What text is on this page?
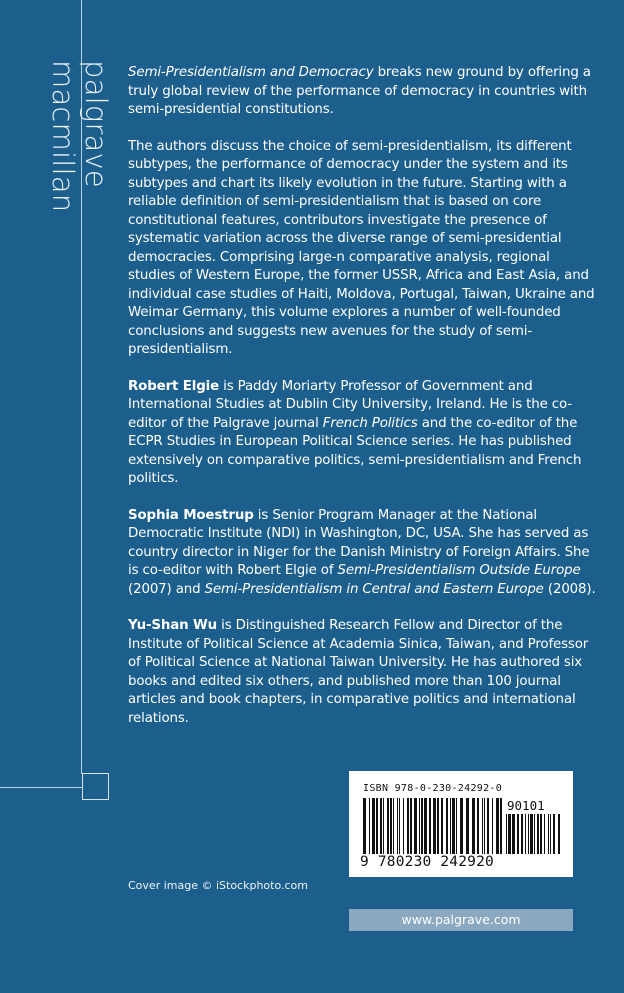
palgrave
macmillan	Semi-Presidentialism and Democracy breaks new ground by offering a truly global review of the performance of democracy in countries with semi-presidential constitutions.

The authors discuss the choice of semi-presidentialism, its different subtypes, the performance of democracy under the system and its subtypes and chart its likely evolution in the future. Starting with a reliable definition of semi-presidentialism that is based on core constitutional features, contributors investigate the presence of systematic variation across the diverse range of semi-presidential democracies. Comprising large-n comparative analysis, regional studies of Western Europe, the former USSR, Africa and East Asia, and individual case studies of Haiti, Moldova, Portugal, Taiwan, Ukraine and Weimar Germany, this volume explores a number of well-founded conclusions and suggests new avenues for the study of semi-presidentialism.

Robert Elgie is Paddy Moriarty Professor of Government and International Studies at Dublin City University, Ireland. He is the co-editor of the Palgrave journal French Politics and the co-editor of the ECPR Studies in European Political Science series. He has published extensively on comparative politics, semi-presidentialism and French politics.

Sophia Moestrup is Senior Program Manager at the National Democratic Institute (NDI) in Washington, DC, USA. She has served as country director in Niger for the Danish Ministry of Foreign Affairs. She is co-editor with Robert Elgie of Semi-Presidentialism Outside Europe (2007) and Semi-Presidentialism in Central and Eastern Europe (2008).

Yu-Shan Wu is Distinguished Research Fellow and Director of the Institute of Political Science at Academia Sinica, Taiwan, and Professor of Political Science at National Taiwan University. He has authored six books and edited six others, and published more than 100 journal articles and book chapters, in comparative politics and international relations.

ISBN 978-0-230-24292-0
90101
9 780230 242920
Cover image © iStockphoto.com
www.palgrave.com
